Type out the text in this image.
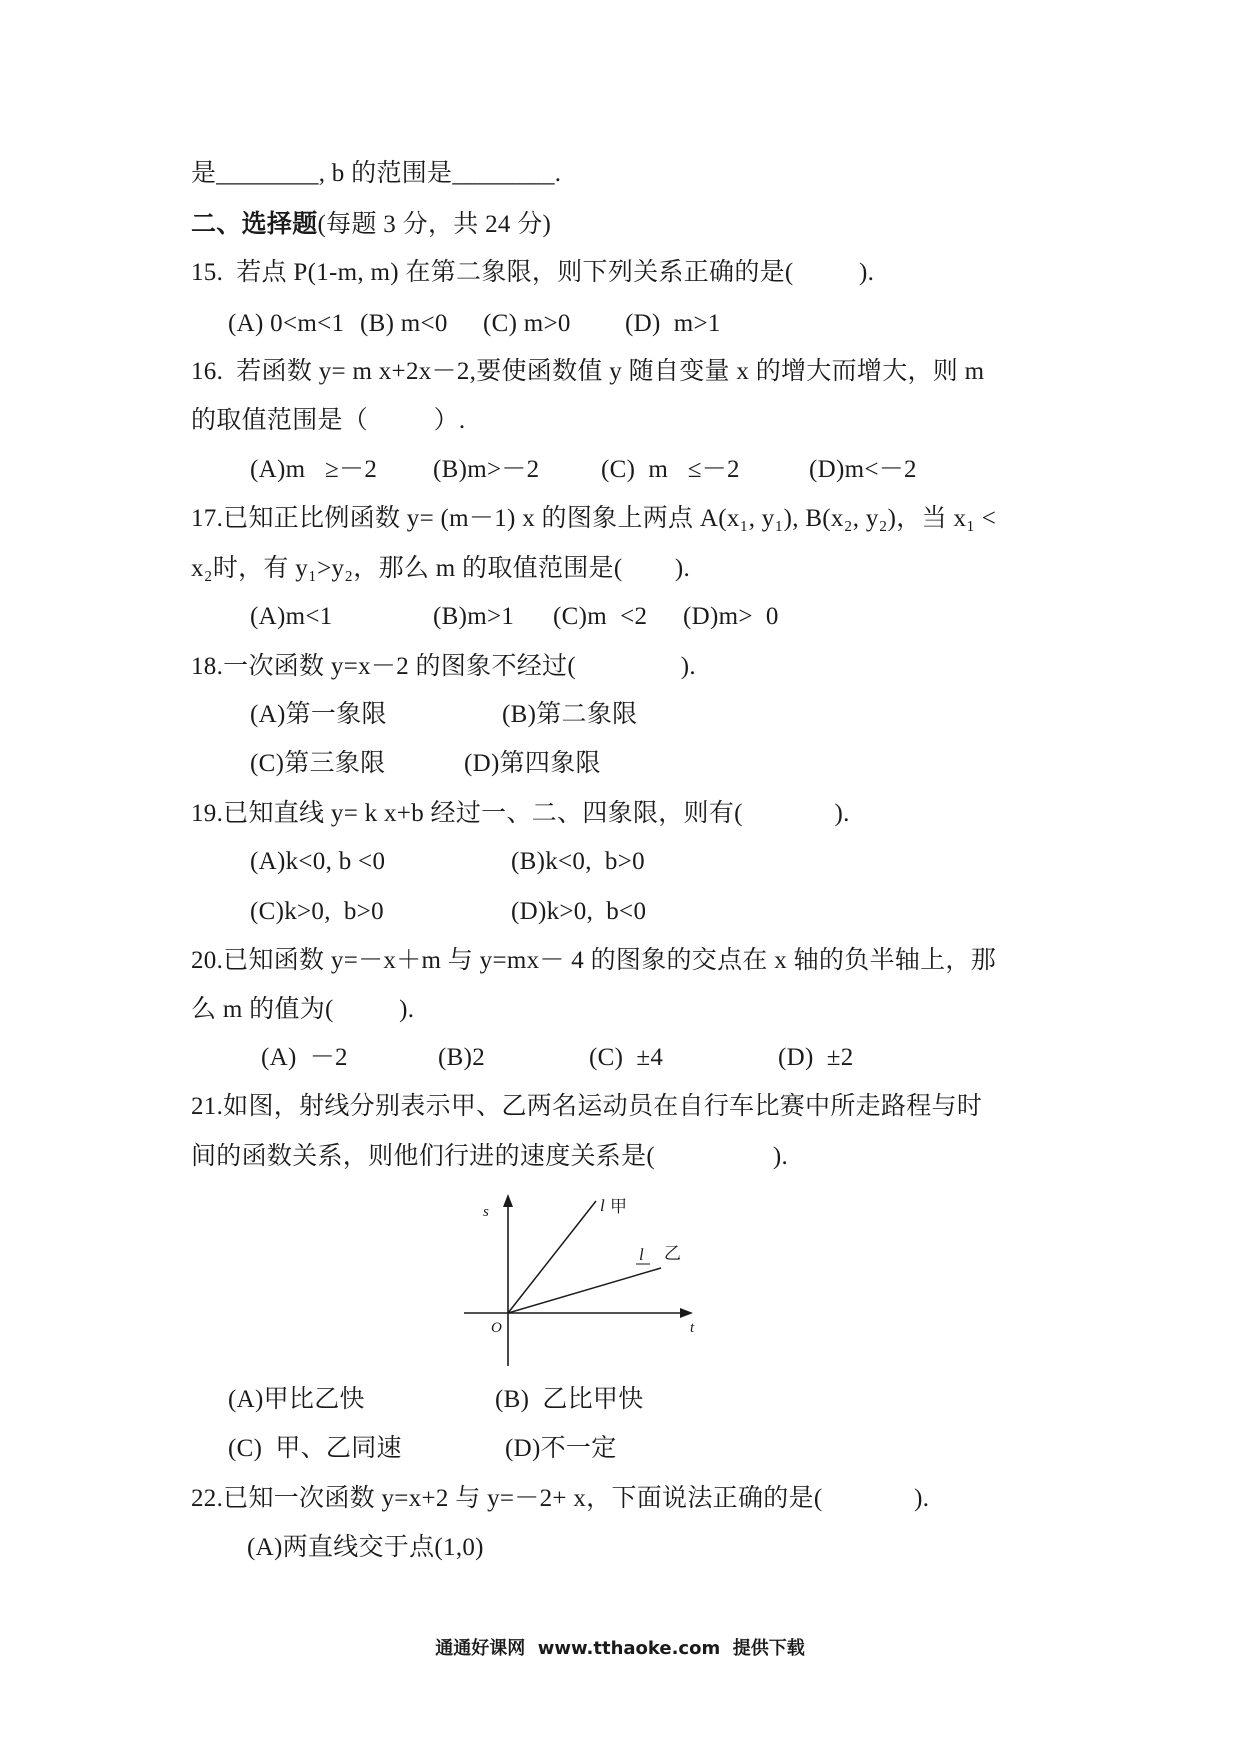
是________, b 的范围是________.
二、选择题(每题 3 分，共 24 分)
15.  若点 P(1-m, m) 在第二象限，则下列关系正确的是(          ).
(A) 0<m<1 (B) m<0 (C) m>0 (D)  m>1
16.  若函数 y= m x+2x－2,要使函数值 y 随自变量 x 的增大而增大，则 m
的取值范围是（          ）.
(A)m   ≥－2 (B)m>－2 (C)  m   ≤－2	(D)m<－2
17.已知正比例函数 y= (m－1) x 的图象上两点 A(x₁, y₁), B(x₂, y₂)，当 x₁ <
x₂时，有 y₁>y₂，那么 m 的取值范围是(        ).
(A)m<1	(B)m>1 (C)m  <2 (D)m>  0
18.一次函数 y=x－2 的图象不经过(                ).
(A)第一象限	(B)第二象限
(C)第三象限	(D)第四象限
19.已知直线 y= k x+b 经过一、二、四象限，则有(              ).
(A)k<0, b <0	(B)k<0,  b>0
(C)k>0,  b>0	(D)k>0,  b<0
20.已知函数 y=－x＋m 与 y=mx－ 4 的图象的交点在 x 轴的负半轴上，那
么 m 的值为(          ).
(A)  －2	(B)2	(C)  ±4	(D)  ±2
21.如图，射线分别表示甲、乙两名运动员在自行车比赛中所走路程与时
间的函数关系，则他们行进的速度关系是(                  ).
s
O	t
l 甲
l 乙
(A)甲比乙快	(B)  乙比甲快
(C)  甲、乙同速	(D)不一定
22.已知一次函数 y=x+2 与 y=－2+ x，下面说法正确的是(              ).
(A)两直线交于点(1,0)
通通好课网  www.tthaoke.com  提供下载
